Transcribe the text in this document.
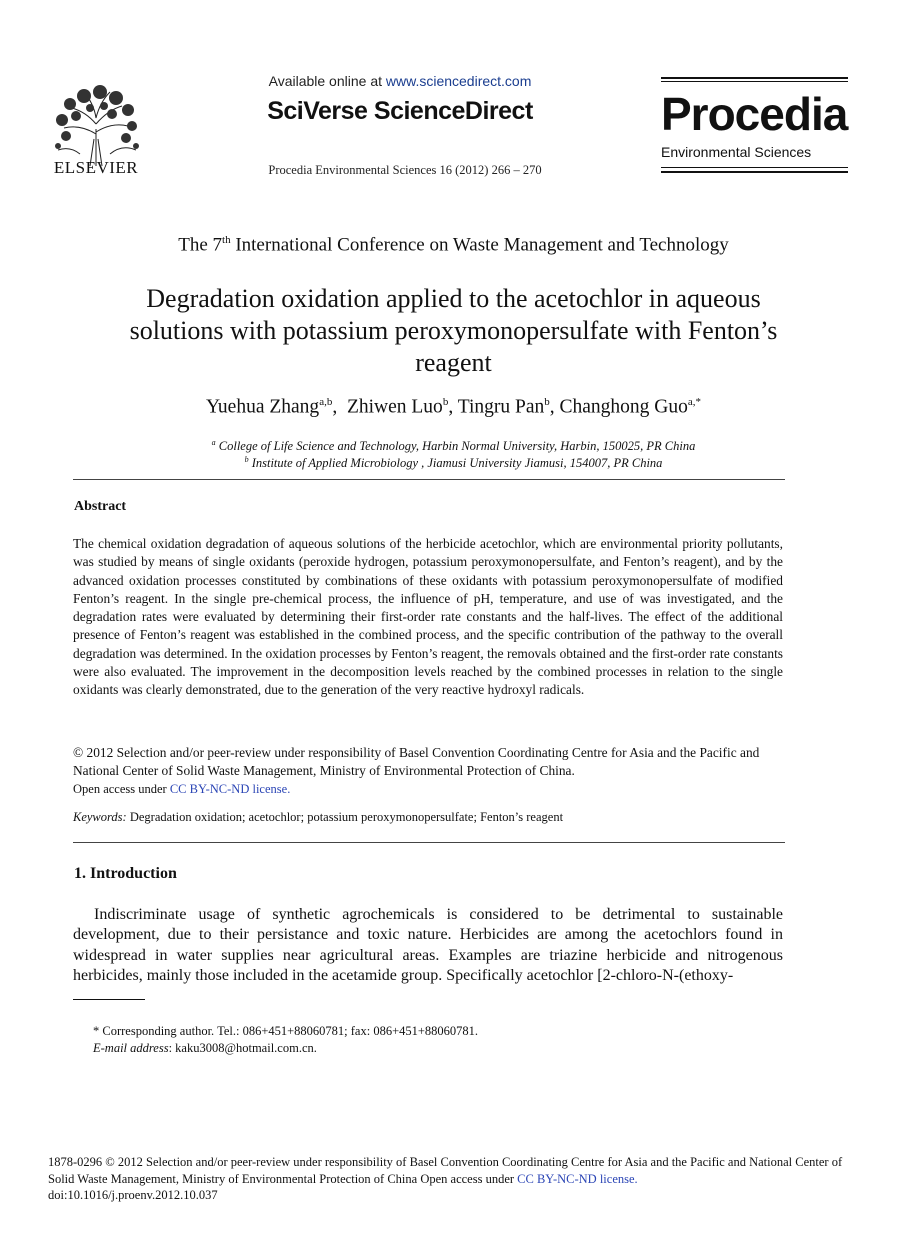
ELSEVIER
Available online at www.sciencedirect.com
SciVerse ScienceDirect
Procedia Environmental Sciences 16 (2012) 266 – 270
Procedia
Environmental Sciences
The 7th International Conference on Waste Management and Technology
Degradation oxidation applied to the acetochlor in aqueous
solutions with potassium peroxymonopersulfate with Fenton’s
reagent
Yuehua Zhang$^{a,b}$,  Zhiwen Luo$^b$, Tingru Pan$^b$, Changhong Guo$^{a,*}$
$^a$ College of Life Science and Technology, Harbin Normal University, Harbin, 150025, PR China
$^b$ Institute of Applied Microbiology , Jiamusi University Jiamusi, 154007, PR China
Abstract
The chemical oxidation degradation of aqueous solutions of the herbicide acetochlor, which are environmental priority pollutants, was studied by means of single oxidants (peroxide hydrogen, potassium peroxymonopersulfate, and Fenton’s reagent), and by the advanced oxidation processes constituted by combinations of these oxidants with potassium peroxymonopersulfate of modified Fenton’s reagent. In the single pre-chemical process, the influence of pH, temperature, and use of was investigated, and the degradation rates were evaluated by determining their first-order rate constants and the half-lives. The effect of the additional presence of Fenton’s reagent was established in the combined process, and the specific contribution of the pathway to the overall degradation was determined. In the oxidation processes by Fenton’s reagent, the removals obtained and the first-order rate constants were also evaluated. The improvement in the decomposition levels reached by the combined processes in relation to the single oxidants was clearly demonstrated, due to the generation of the very reactive hydroxyl radicals.
© 2012 Selection and/or peer-review under responsibility of Basel Convention Coordinating Centre for Asia and the Pacific and National Center of Solid Waste Management, Ministry of Environmental Protection of China.
Open access under CC BY-NC-ND license.
Keywords: Degradation oxidation; acetochlor; potassium peroxymonopersulfate; Fenton’s reagent
1. Introduction
Indiscriminate usage of synthetic agrochemicals is considered to be detrimental to sustainable development, due to their persistance and toxic nature. Herbicides are among the acetochlors found in widespread in water supplies near agricultural areas. Examples are triazine herbicide and nitrogenous herbicides, mainly those included in the acetamide group. Specifically acetochlor [2-chloro-N-(ethoxy-
* Corresponding author. Tel.: 086+451+88060781; fax: 086+451+88060781.
E-mail address: kaku3008@hotmail.com.cn.
1878-0296 © 2012 Selection and/or peer-review under responsibility of Basel Convention Coordinating Centre for Asia and the Pacific and National Center of Solid Waste Management, Ministry of Environmental Protection of China Open access under CC BY-NC-ND license.
doi:10.1016/j.proenv.2012.10.037
